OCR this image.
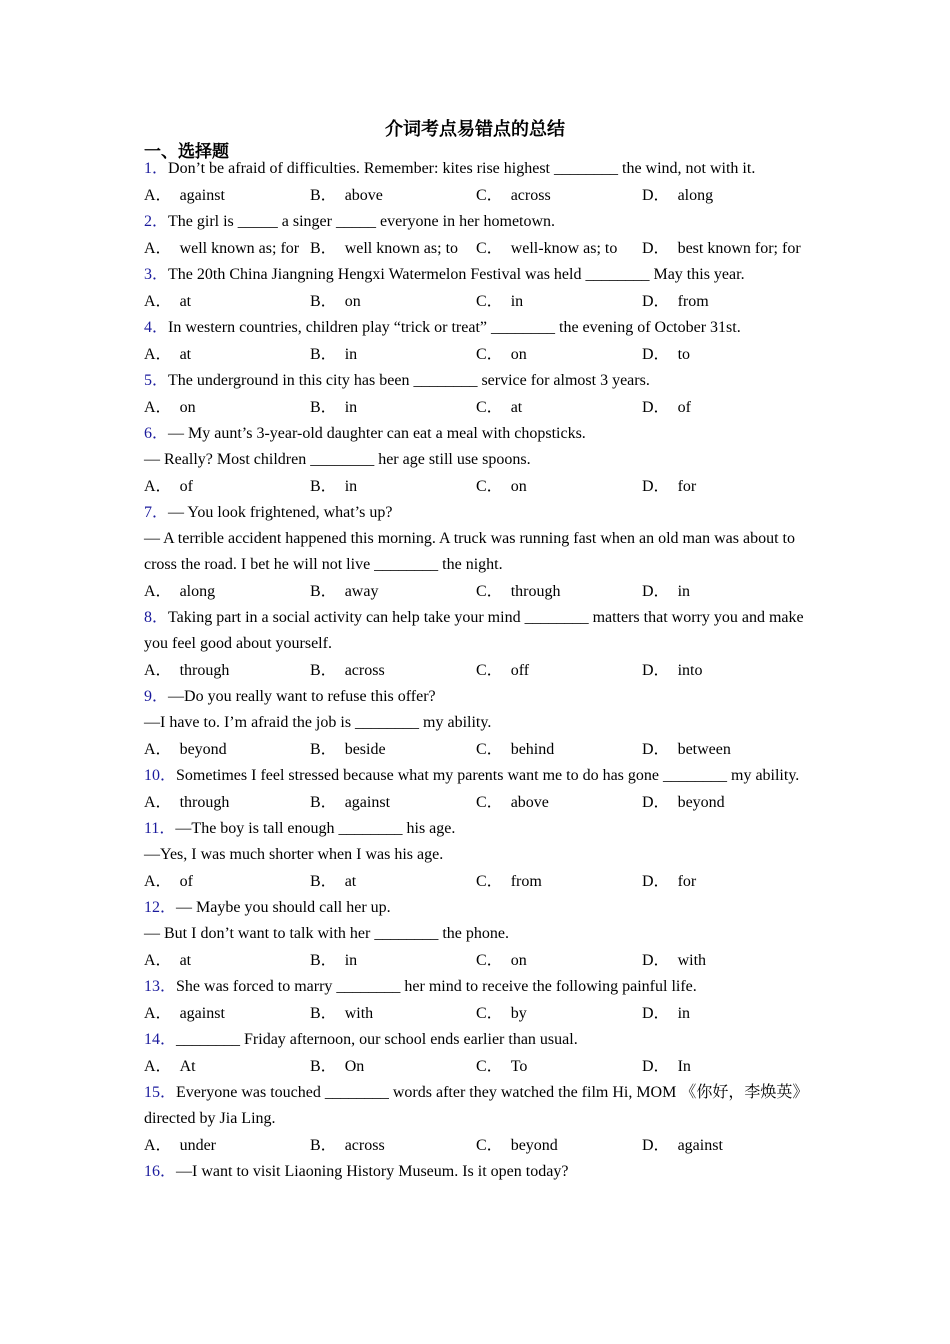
介词考点易错点的总结
一、选择题
1．Don’t be afraid of difficulties. Remember: kites rise highest ________ the wind, not with it.
A． against	B． above	C． across	D． along
2．The girl is _____ a singer _____ everyone in her hometown.
A． well known as; for B． well known as; to	C． well-know as; to	D． best known for; for
3．The 20th China Jiangning Hengxi Watermelon Festival was held ________ May this year.
A． at	B． on	C． in	D． from
4．In western countries, children play “trick or treat” ________ the evening of October 31st.
A． at	B． in	C． on	D． to
5．The underground in this city has been ________ service for almost 3 years.
A． on	B． in	C． at	D． of
6．— My aunt’s 3-year-old daughter can eat a meal with chopsticks.
— Really? Most children ________ her age still use spoons.
A． of	B． in	C． on	D． for
7．— You look frightened, what’s up?
— A terrible accident happened this morning. A truck was running fast when an old man was about to cross the road. I bet he will not live ________ the night.
A． along	B． away	C． through	D． in
8．Taking part in a social activity can help take your mind ________ matters that worry you and make you feel good about yourself.
A． through	B． across	C． off	D． into
9．—Do you really want to refuse this offer?
—I have to. I’m afraid the job is ________ my ability.
A． beyond	B． beside	C． behind	D． between
10．Sometimes I feel stressed because what my parents want me to do has gone ________ my ability.
A． through	B． against	C． above	D． beyond
11．—The boy is tall enough ________ his age.
—Yes, I was much shorter when I was his age.
A． of	B． at	C． from	D． for
12．— Maybe you should call her up.
— But I don’t want to talk with her ________ the phone.
A． at	B． in	C． on	D． with
13．She was forced to marry ________ her mind to receive the following painful life.
A． against	B． with	C． by	D． in
14．________ Friday afternoon, our school ends earlier than usual.
A． At	B． On	C． To	D． In
15．Everyone was touched ________ words after they watched the film Hi, MOM 《你好，李焕英》directed by Jia Ling.
A． under	B． across	C． beyond	D． against
16．—I want to visit Liaoning History Museum. Is it open today?
